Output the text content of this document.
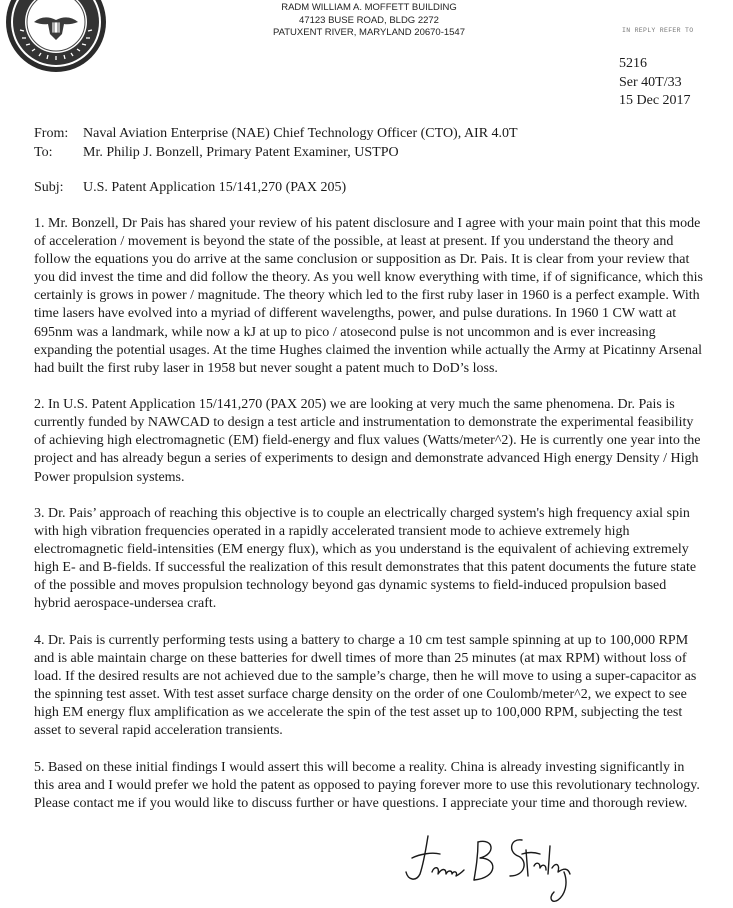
RADM WILLIAM A. MOFFETT BUILDING
47123 BUSE ROAD, BLDG 2272
PATUXENT RIVER, MARYLAND 20670-1547	IN REPLY REFER TO
5216
Ser 40T/33
15 Dec 2017
From:	Naval Aviation Enterprise (NAE) Chief Technology Officer (CTO), AIR 4.0T
To:	Mr. Philip J. Bonzell, Primary Patent Examiner, USTPO
Subj:	U.S. Patent Application 15/141,270 (PAX 205)

1. Mr. Bonzell, Dr Pais has shared your review of his patent disclosure and I agree with your main point that this mode of acceleration / movement is beyond the state of the possible, at least at present. If you understand the theory and follow the equations you do arrive at the same conclusion or supposition as Dr. Pais. It is clear from your review that you did invest the time and did follow the theory. As you well know everything with time, if of significance, which this certainly is grows in power / magnitude. The theory which led to the first ruby laser in 1960 is a perfect example. With time lasers have evolved into a myriad of different wavelengths, power, and pulse durations. In 1960 1 CW watt at 695nm was a landmark, while now a kJ at up to pico / atosecond pulse is not uncommon and is ever increasing expanding the potential usages. At the time Hughes claimed the invention while actually the Army at Picatinny Arsenal had built the first ruby laser in 1958 but never sought a patent much to DoD’s loss.

2. In U.S. Patent Application 15/141,270 (PAX 205) we are looking at very much the same phenomena. Dr. Pais is currently funded by NAWCAD to design a test article and instrumentation to demonstrate the experimental feasibility of achieving high electromagnetic (EM) field-energy and flux values (Watts/meter^2). He is currently one year into the project and has already begun a series of experiments to design and demonstrate advanced High energy Density / High Power propulsion systems.

3. Dr. Pais’ approach of reaching this objective is to couple an electrically charged system's high frequency axial spin with high vibration frequencies operated in a rapidly accelerated transient mode to achieve extremely high electromagnetic field-intensities (EM energy flux), which as you understand is the equivalent of achieving extremely high E- and B-fields. If successful the realization of this result demonstrates that this patent documents the future state of the possible and moves propulsion technology beyond gas dynamic systems to field-induced propulsion based hybrid aerospace-undersea craft.

4. Dr. Pais is currently performing tests using a battery to charge a 10 cm test sample spinning at up to 100,000 RPM and is able maintain charge on these batteries for dwell times of more than 25 minutes (at max RPM) without loss of load. If the desired results are not achieved due to the sample’s charge, then he will move to using a super-capacitor as the spinning test asset. With test asset surface charge density on the order of one Coulomb/meter^2, we expect to see high EM energy flux amplification as we accelerate the spin of the test asset up to 100,000 RPM, subjecting the test asset to several rapid acceleration transients.

5. Based on these initial findings I would assert this will become a reality. China is already investing significantly in this area and I would prefer we hold the patent as opposed to paying forever more to use this revolutionary technology. Please contact me if you would like to discuss further or have questions. I appreciate your time and thorough review.
